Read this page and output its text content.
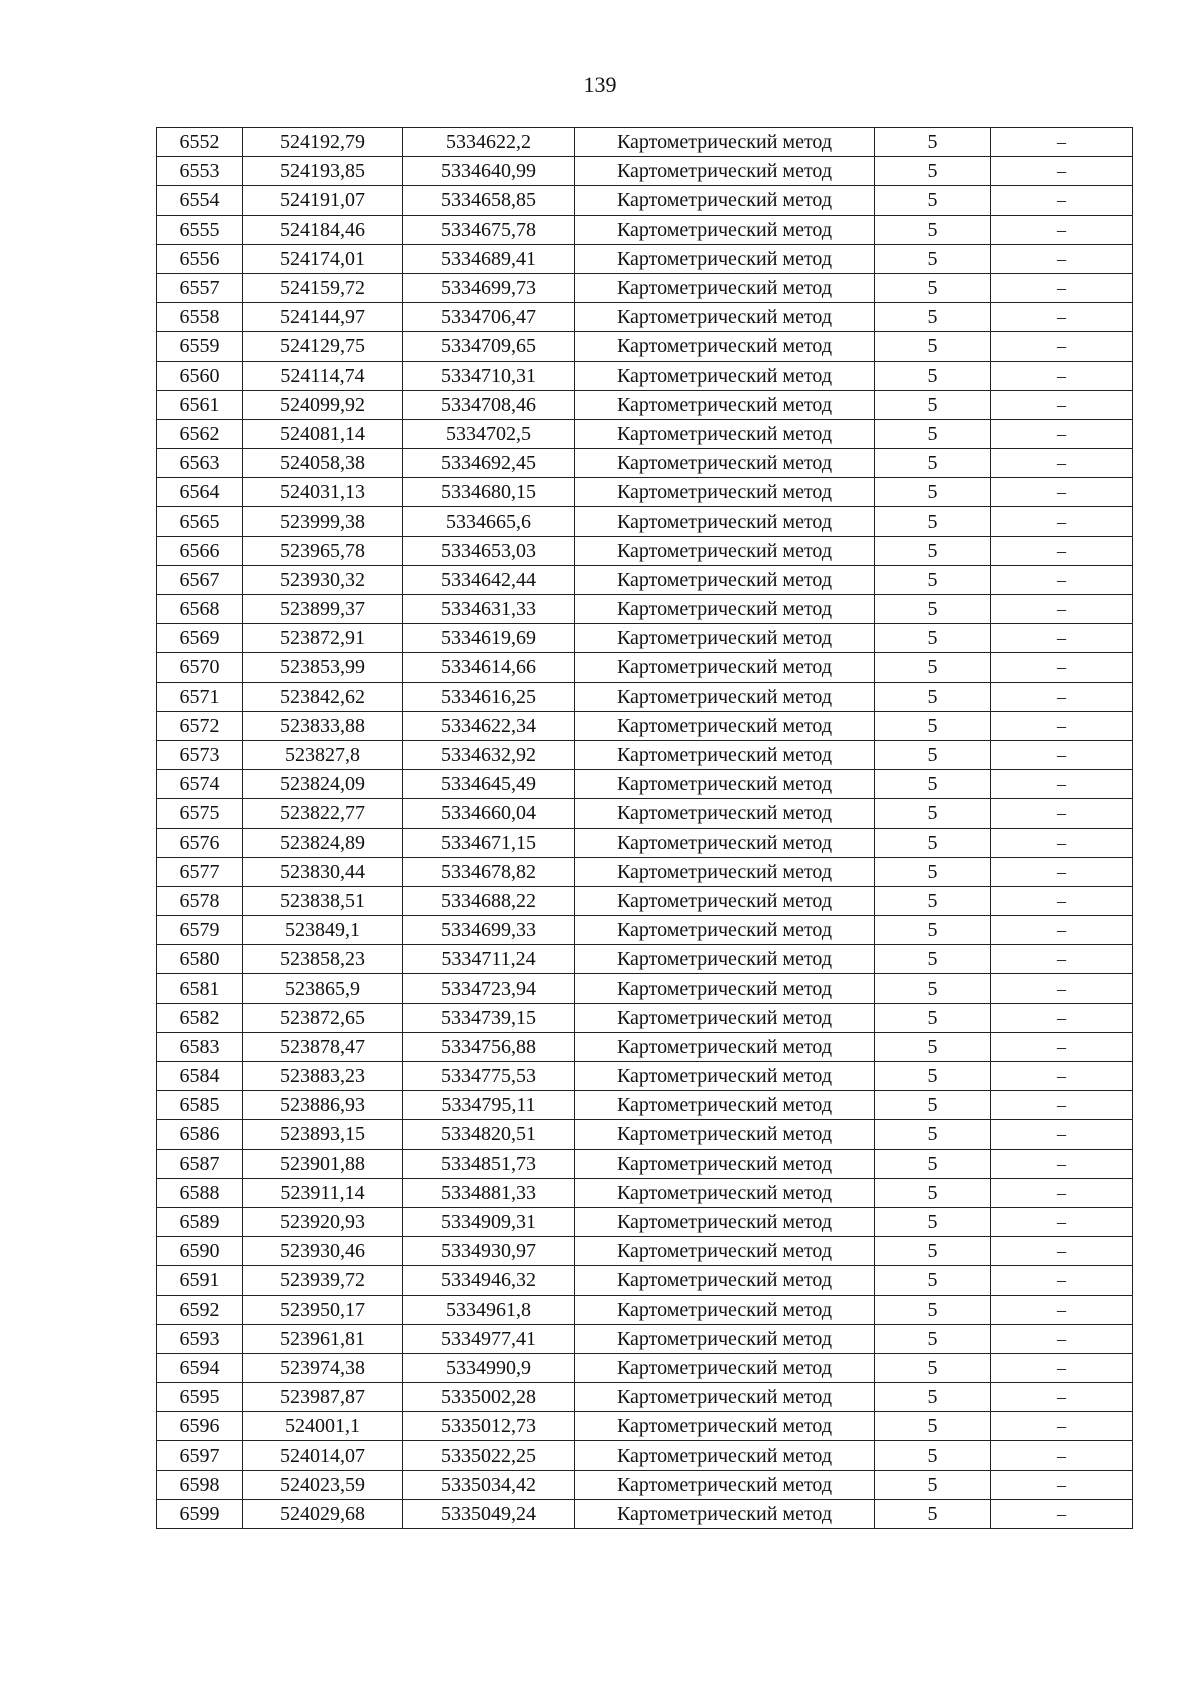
139
6552	524192,79	5334622,2	Картометрический метод	5	–
6553	524193,85	5334640,99	Картометрический метод	5	–
6554	524191,07	5334658,85	Картометрический метод	5	–
6555	524184,46	5334675,78	Картометрический метод	5	–
6556	524174,01	5334689,41	Картометрический метод	5	–
6557	524159,72	5334699,73	Картометрический метод	5	–
6558	524144,97	5334706,47	Картометрический метод	5	–
6559	524129,75	5334709,65	Картометрический метод	5	–
6560	524114,74	5334710,31	Картометрический метод	5	–
6561	524099,92	5334708,46	Картометрический метод	5	–
6562	524081,14	5334702,5	Картометрический метод	5	–
6563	524058,38	5334692,45	Картометрический метод	5	–
6564	524031,13	5334680,15	Картометрический метод	5	–
6565	523999,38	5334665,6	Картометрический метод	5	–
6566	523965,78	5334653,03	Картометрический метод	5	–
6567	523930,32	5334642,44	Картометрический метод	5	–
6568	523899,37	5334631,33	Картометрический метод	5	–
6569	523872,91	5334619,69	Картометрический метод	5	–
6570	523853,99	5334614,66	Картометрический метод	5	–
6571	523842,62	5334616,25	Картометрический метод	5	–
6572	523833,88	5334622,34	Картометрический метод	5	–
6573	523827,8	5334632,92	Картометрический метод	5	–
6574	523824,09	5334645,49	Картометрический метод	5	–
6575	523822,77	5334660,04	Картометрический метод	5	–
6576	523824,89	5334671,15	Картометрический метод	5	–
6577	523830,44	5334678,82	Картометрический метод	5	–
6578	523838,51	5334688,22	Картометрический метод	5	–
6579	523849,1	5334699,33	Картометрический метод	5	–
6580	523858,23	5334711,24	Картометрический метод	5	–
6581	523865,9	5334723,94	Картометрический метод	5	–
6582	523872,65	5334739,15	Картометрический метод	5	–
6583	523878,47	5334756,88	Картометрический метод	5	–
6584	523883,23	5334775,53	Картометрический метод	5	–
6585	523886,93	5334795,11	Картометрический метод	5	–
6586	523893,15	5334820,51	Картометрический метод	5	–
6587	523901,88	5334851,73	Картометрический метод	5	–
6588	523911,14	5334881,33	Картометрический метод	5	–
6589	523920,93	5334909,31	Картометрический метод	5	–
6590	523930,46	5334930,97	Картометрический метод	5	–
6591	523939,72	5334946,32	Картометрический метод	5	–
6592	523950,17	5334961,8	Картометрический метод	5	–
6593	523961,81	5334977,41	Картометрический метод	5	–
6594	523974,38	5334990,9	Картометрический метод	5	–
6595	523987,87	5335002,28	Картометрический метод	5	–
6596	524001,1	5335012,73	Картометрический метод	5	–
6597	524014,07	5335022,25	Картометрический метод	5	–
6598	524023,59	5335034,42	Картометрический метод	5	–
6599	524029,68	5335049,24	Картометрический метод	5	–
